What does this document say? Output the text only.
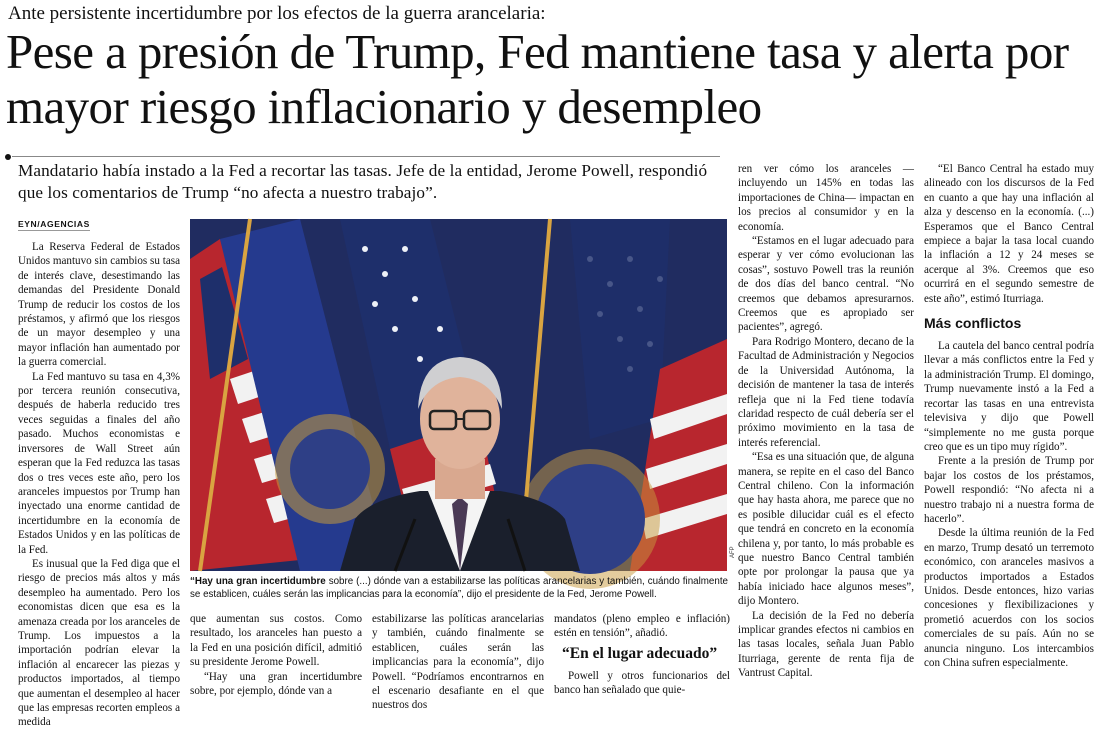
Ante persistente incertidumbre por los efectos de la guerra arancelaria:
Pese a presión de Trump, Fed mantiene tasa y alerta por mayor riesgo inflacionario y desempleo
Mandatario había instado a la Fed a recortar las tasas. Jefe de la entidad, Jerome Powell, respondió que los comentarios de Trump “no afecta a nuestro trabajo”.
EYN/AGENCIAS

La Reserva Federal de Estados Unidos mantuvo sin cambios su tasa de interés clave, desestimando las demandas del Presidente Donald Trump de reducir los costos de los préstamos, y afirmó que los riesgos de un mayor desempleo y una mayor inflación han aumentado por la guerra comercial.

La Fed mantuvo su tasa en 4,3% por tercera reunión consecutiva, después de haberla reducido tres veces seguidas a finales del año pasado. Muchos economistas e inversores de Wall Street aún esperan que la Fed reduzca las tasas dos o tres veces este año, pero los aranceles impuestos por Trump han inyectado una enorme cantidad de incertidumbre en la economía de Estados Unidos y en las políticas de la Fed.

Es inusual que la Fed diga que el riesgo de precios más altos y más desempleo ha aumentado. Pero los economistas dicen que esa es la amenaza creada por los aranceles de Trump. Los impuestos a la importación podrían elevar la inflación al encarecer las piezas y productos importados, al tiempo que aumentan el desempleo al hacer que las empresas recorten empleos a medida

AFP
“Hay una gran incertidumbre sobre (...) dónde van a estabilizarse las políticas arancelarias y también, cuándo finalmente se establicen, cuáles serán las implicancias para la economía”, dijo el presidente de la Fed, Jerome Powell.

que aumentan sus costos. Como resultado, los aranceles han puesto a la Fed en una posición difícil, admitió su presidente Jerome Powell.

“Hay una gran incertidumbre sobre, por ejemplo, dónde van a

estabilizarse las políticas arancelarias y también, cuándo finalmente se establicen, cuáles serán las implicancias para la economía”, dijo Powell. “Podríamos encontrarnos en el escenario desafiante en el que nuestros dos

mandatos (pleno empleo e inflación) estén en tensión”, añadió.

“En el lugar adecuado”

Powell y otros funcionarios del banco han señalado que quie-

ren ver cómo los aranceles —incluyendo un 145% en todas las importaciones de China— impactan en los precios al consumidor y en la economía.

“Estamos en el lugar adecuado para esperar y ver cómo evolucionan las cosas”, sostuvo Powell tras la reunión de dos días del banco central. “No creemos que debamos apresurarnos. Creemos que es apropiado ser pacientes”, agregó.

Para Rodrigo Montero, decano de la Facultad de Administración y Negocios de la Universidad Autónoma, la decisión de mantener la tasa de interés refleja que ni la Fed tiene todavía claridad respecto de cuál debería ser el próximo movimiento en la tasa de interés referencial.

“Esa es una situación que, de alguna manera, se repite en el caso del Banco Central chileno. Con la información que hay hasta ahora, me parece que no es posible dilucidar cuál es el efecto que tendrá en concreto en la economía chilena y, por tanto, lo más probable es que nuestro Banco Central también opte por prolongar la pausa que ya había iniciado hace algunos meses”, dijo Montero.

La decisión de la Fed no debería implicar grandes efectos ni cambios en las tasas locales, señala Juan Pablo Iturriaga, gerente de renta fija de Vantrust Capital.

“El Banco Central ha estado muy alineado con los discursos de la Fed en cuanto a que hay una inflación al alza y descenso en la economía. (...) Esperamos que el Banco Central empiece a bajar la tasa local cuando la inflación a 12 y 24 meses se acerque al 3%. Creemos que eso ocurrirá en el segundo semestre de este año”, estimó Iturriaga.

Más conflictos

La cautela del banco central podría llevar a más conflictos entre la Fed y la administración Trump. El domingo, Trump nuevamente instó a la Fed a recortar las tasas en una entrevista televisiva y dijo que Powell “simplemente no me gusta porque creo que es un tipo muy rígido”.

Frente a la presión de Trump por bajar los costos de los préstamos, Powell respondió: “No afecta ni a nuestro trabajo ni a nuestra forma de hacerlo”.

Desde la última reunión de la Fed en marzo, Trump desató un terremoto económico, con aranceles masivos a productos importados a Estados Unidos. Desde entonces, hizo varias concesiones y flexibilizaciones y prometió acuerdos con los socios comerciales de su país. Aún no se anuncia ninguno. Los intercambios con China sufren especialmente.
